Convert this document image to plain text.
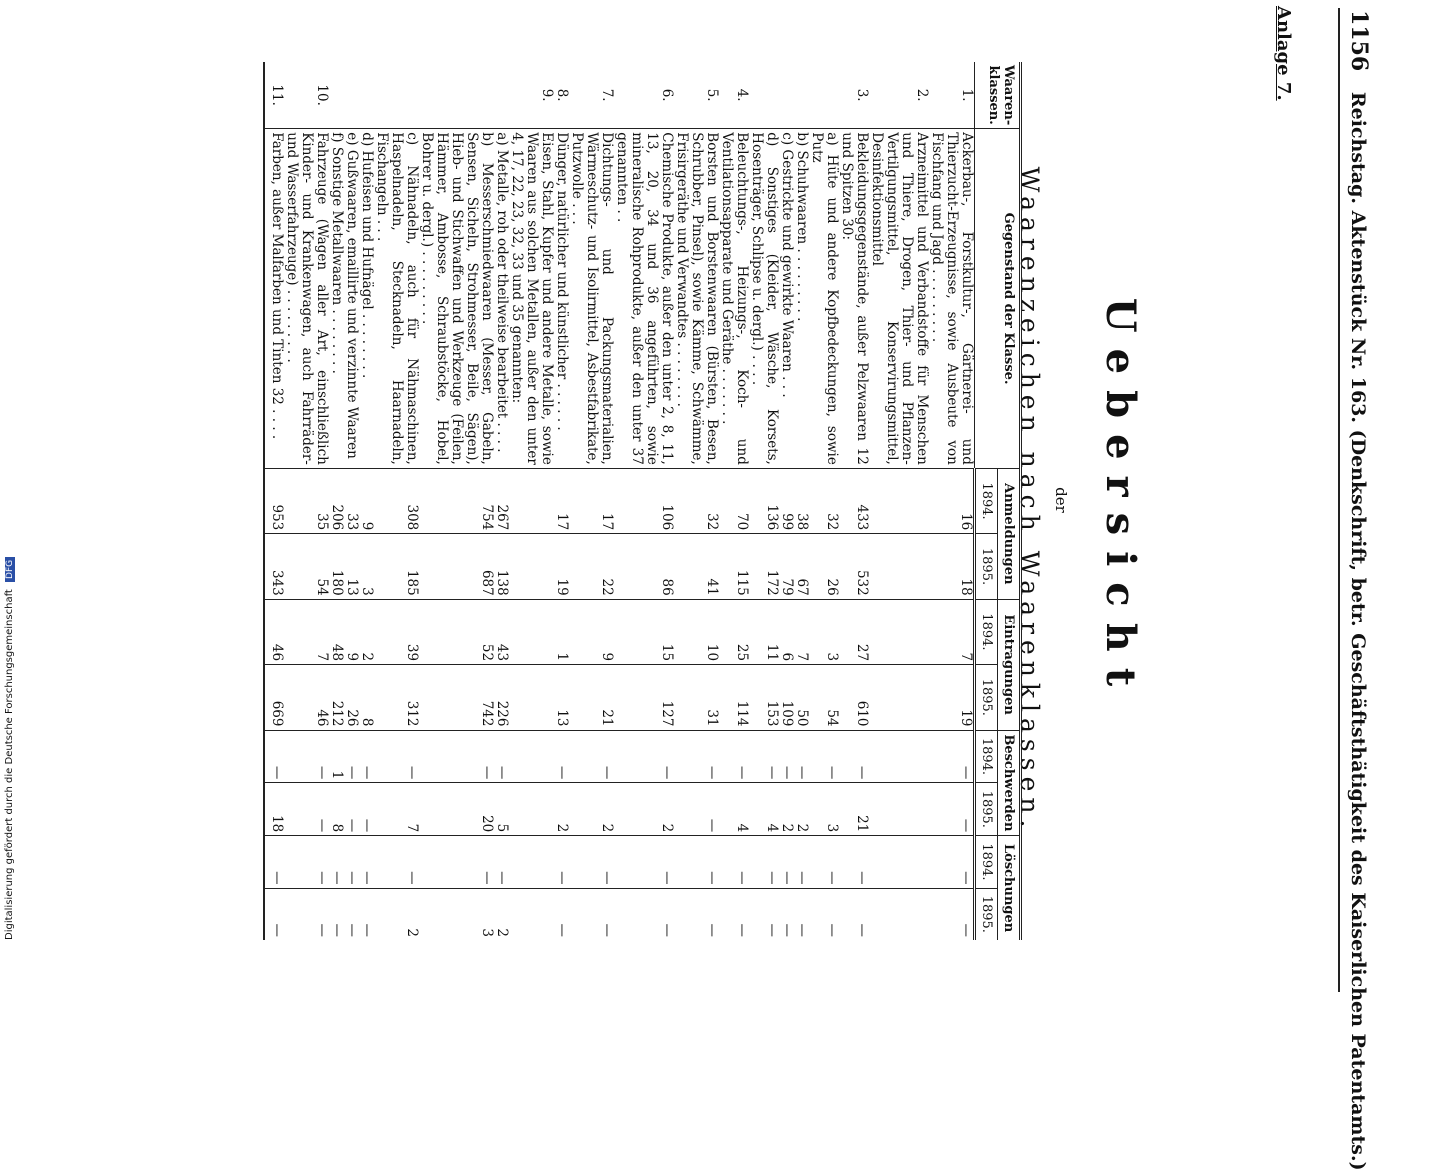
1156 Reichstag. Aktenstück Nr. 163. (Denkschrift, betr. Geschäftsthätigkeit des Kaiserlichen Patentamts.)
Anlage 7.
Uebersicht
der
Waarenzeichen nach Waarenklassen.
Waaren-klassen.	Gegenstand der Klasse.	Anmeldungen		Eintragungen		Beschwerden		Löschungen	
		1894.	1895.	1894.	1895.	1894.	1895.	1894.	1895.
1.	Ackerbau-, Forstkultur-, Gärtnerei- und Thierzucht-Erzeugnisse, sowie Ausbeute von Fischfang und Jagd . . . . . . . . .	16	18	7	19	—	—	—	—
2.	Arzneimittel und Verbandstoffe für Menschen und Thiere, Drogen, Thier- und Pflanzen-Vertilgungsmittel, Konservirungsmittel, Desinfektionsmittel								
3.	Bekleidungsgegenstände, außer Pelzwaaren 12 und Spitzen 30:	433	532	27	610	—	21	—	—
	a) Hüte und andere Kopfbedeckungen, sowie Putz	32	26	3	54	—	3	—	—
	b) Schuhwaaren . . . . . . . . .	38	67	7	50	—	2	—	—
	c) Gestrickte und gewirkte Waaren . . .	99	79	6	109	—	2	—	—
	d) Sonstiges (Kleider, Wäsche, Korsets, Hosenträger, Schlipse u. dergl.) . . . .	136	172	11	153	—	4	—	—
4.	Beleuchtungs-, Heizungs-, Koch- und Ventilationsapparate und Geräthe . . . . . . .	70	115	25	114	—	4	—	—
5.	Borsten und Borstenwaaren (Bürsten, Besen, Schrubber, Pinsel), sowie Kämme, Schwämme, Frisirgeräthe und Verwandtes . . . . . . . .	32	41	10	31	—	—	—	—
6.	Chemische Produkte, außer den unter 2, 8, 11, 13, 20, 34 und 36 angeführten, sowie mineralische Rohprodukte, außer den unter 37 genannten . .	106	86	15	127	—	2	—	—
7.	Dichtungs- und Packungsmaterialien, Wärmeschutz- und Isolirmittel, Asbestfabrikate, Putzwolle . . .	17	22	9	21	—	2	—	—
8.	Dünger, natürlicher und künstlicher . . . . . .	17	19	1	13	—	2	—	—
9.	Eisen, Stahl, Kupfer und andere Metalle, sowie Waaren aus solchen Metallen, außer den unter 4, 17, 22, 23, 32, 33 und 35 genannten:								
	a) Metalle, roh oder theilweise bearbeitet . . . .	267	138	43	226	—	5	—	2
	b) Messerschmiedwaaren (Messer, Gabeln, Sensen, Sicheln, Strohmesser, Beile, Sägen), Hieb- und Stichwaffen und Werkzeuge (Feilen, Hämmer, Ambosse, Schraubstöcke, Hobel, Bohrer u. dergl.) . . . . . . . . .	754	687	52	742	—	20	—	3
	c) Nähnadeln, auch für Nähmaschinen, Haspelnadeln, Stecknadeln, Haarnadeln, Fischangeln . . .	308	185	39	312	—	7	—	2
	d) Hufeisen und Hufnägel . . . . . . . .	9	3	2	8	—	—	—	—
	e) Gußwaaren, emaillirte und verzinnte Waaren	33	13	9	26	—	—	—	—
	f) Sonstige Metallwaaren . . . . . . . .	206	180	48	212	1	8	—	—
10.	Fahrzeuge (Wagen aller Art, einschließlich Kinder- und Krankenwagen, auch Fahrräder- und Wasserfahrzeuge) . . . . . . . . .	35	54	7	46	—	—	—	—
11.	Farben, außer Malfarben und Tinten 32 . . . .	953	343	46	669	—	18	—	—
Digitalisierung gefördert durch die Deutsche Forschungsgemeinschaft DFG
